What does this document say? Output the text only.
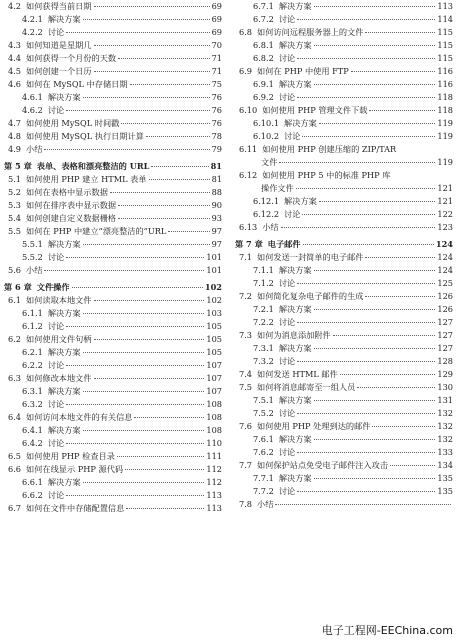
4.2 如何获得当前日期	69
4.2.1 解决方案	69
4.2.2 讨论	69
4.3 如何知道是星期几	70
4.4 如何获得一个月份的天数	71
4.5 如何创建一个日历	71
4.6 如何在 MySQL 中存储日期	75
4.6.1 解决方案	76
4.6.2 讨论	76
4.7 如何使用 MySQL 时间戳	76
4.8 如何使用 MySQL 执行日期计算	78
4.9 小结	79
第 5 章 表单、表格和漂亮整洁的 URL	81
5.1 如何使用 PHP 建立 HTML 表单	81
5.2 如何在表格中显示数据	88
5.3 如何在排序表中显示数据	90
5.4 如何创建自定义数据栅格	93
5.5 如何在 PHP 中建立“漂亮整洁的”URL	97
5.5.1 解决方案	97
5.5.2 讨论	101
5.6 小结	101
第 6 章 文件操作	102
6.1 如何读取本地文件	102
6.1.1 解决方案	103
6.1.2 讨论	105
6.2 如何使用文件句柄	105
6.2.1 解决方案	105
6.2.2 讨论	107
6.3 如何修改本地文件	107
6.3.1 解决方案	107
6.3.2 讨论	108
6.4 如何访问本地文件的有关信息	108
6.4.1 解决方案	108
6.4.2 讨论	110
6.5 如何使用 PHP 检查目录	111
6.6 如何在线显示 PHP 源代码	112
6.6.1 解决方案	112
6.6.2 讨论	113
6.7 如何在文件中存储配置信息	113
6.7.1 解决方案	113
6.7.2 讨论	114
6.8 如何访问远程服务器上的文件	115
6.8.1 解决方案	115
6.8.2 讨论	115
6.9 如何在 PHP 中使用 FTP	116
6.9.1 解决方案	116
6.9.2 讨论	118
6.10 如何使用 PHP 管理文件下载	118
6.10.1 解决方案	119
6.10.2 讨论	119
6.11 如何使用 PHP 创建压缩的 ZIP/TAR
文件	119
6.12 如何使用 PHP 5 中的标准 PHP 库
操作文件	121
6.12.1 解决方案	121
6.12.2 讨论	122
6.13 小结	123
第 7 章 电子邮件	124
7.1 如何发送一封简单的电子邮件	124
7.1.1 解决方案	124
7.1.2 讨论	125
7.2 如何简化复杂电子邮件的生成	126
7.2.1 解决方案	126
7.2.2 讨论	127
7.3 如何为消息添加附件	127
7.3.1 解决方案	127
7.3.2 讨论	128
7.4 如何发送 HTML 邮件	129
7.5 如何将消息邮寄至一组人员	130
7.5.1 解决方案	131
7.5.2 讨论	132
7.6 如何使用 PHP 处理到达的邮件	132
7.6.1 解决方案	132
7.6.2 讨论	133
7.7 如何保护站点免受电子邮件注入攻击	134
7.7.1 解决方案	135
7.7.2 讨论	135
7.8 小结
电子工程网-EEChina.com
